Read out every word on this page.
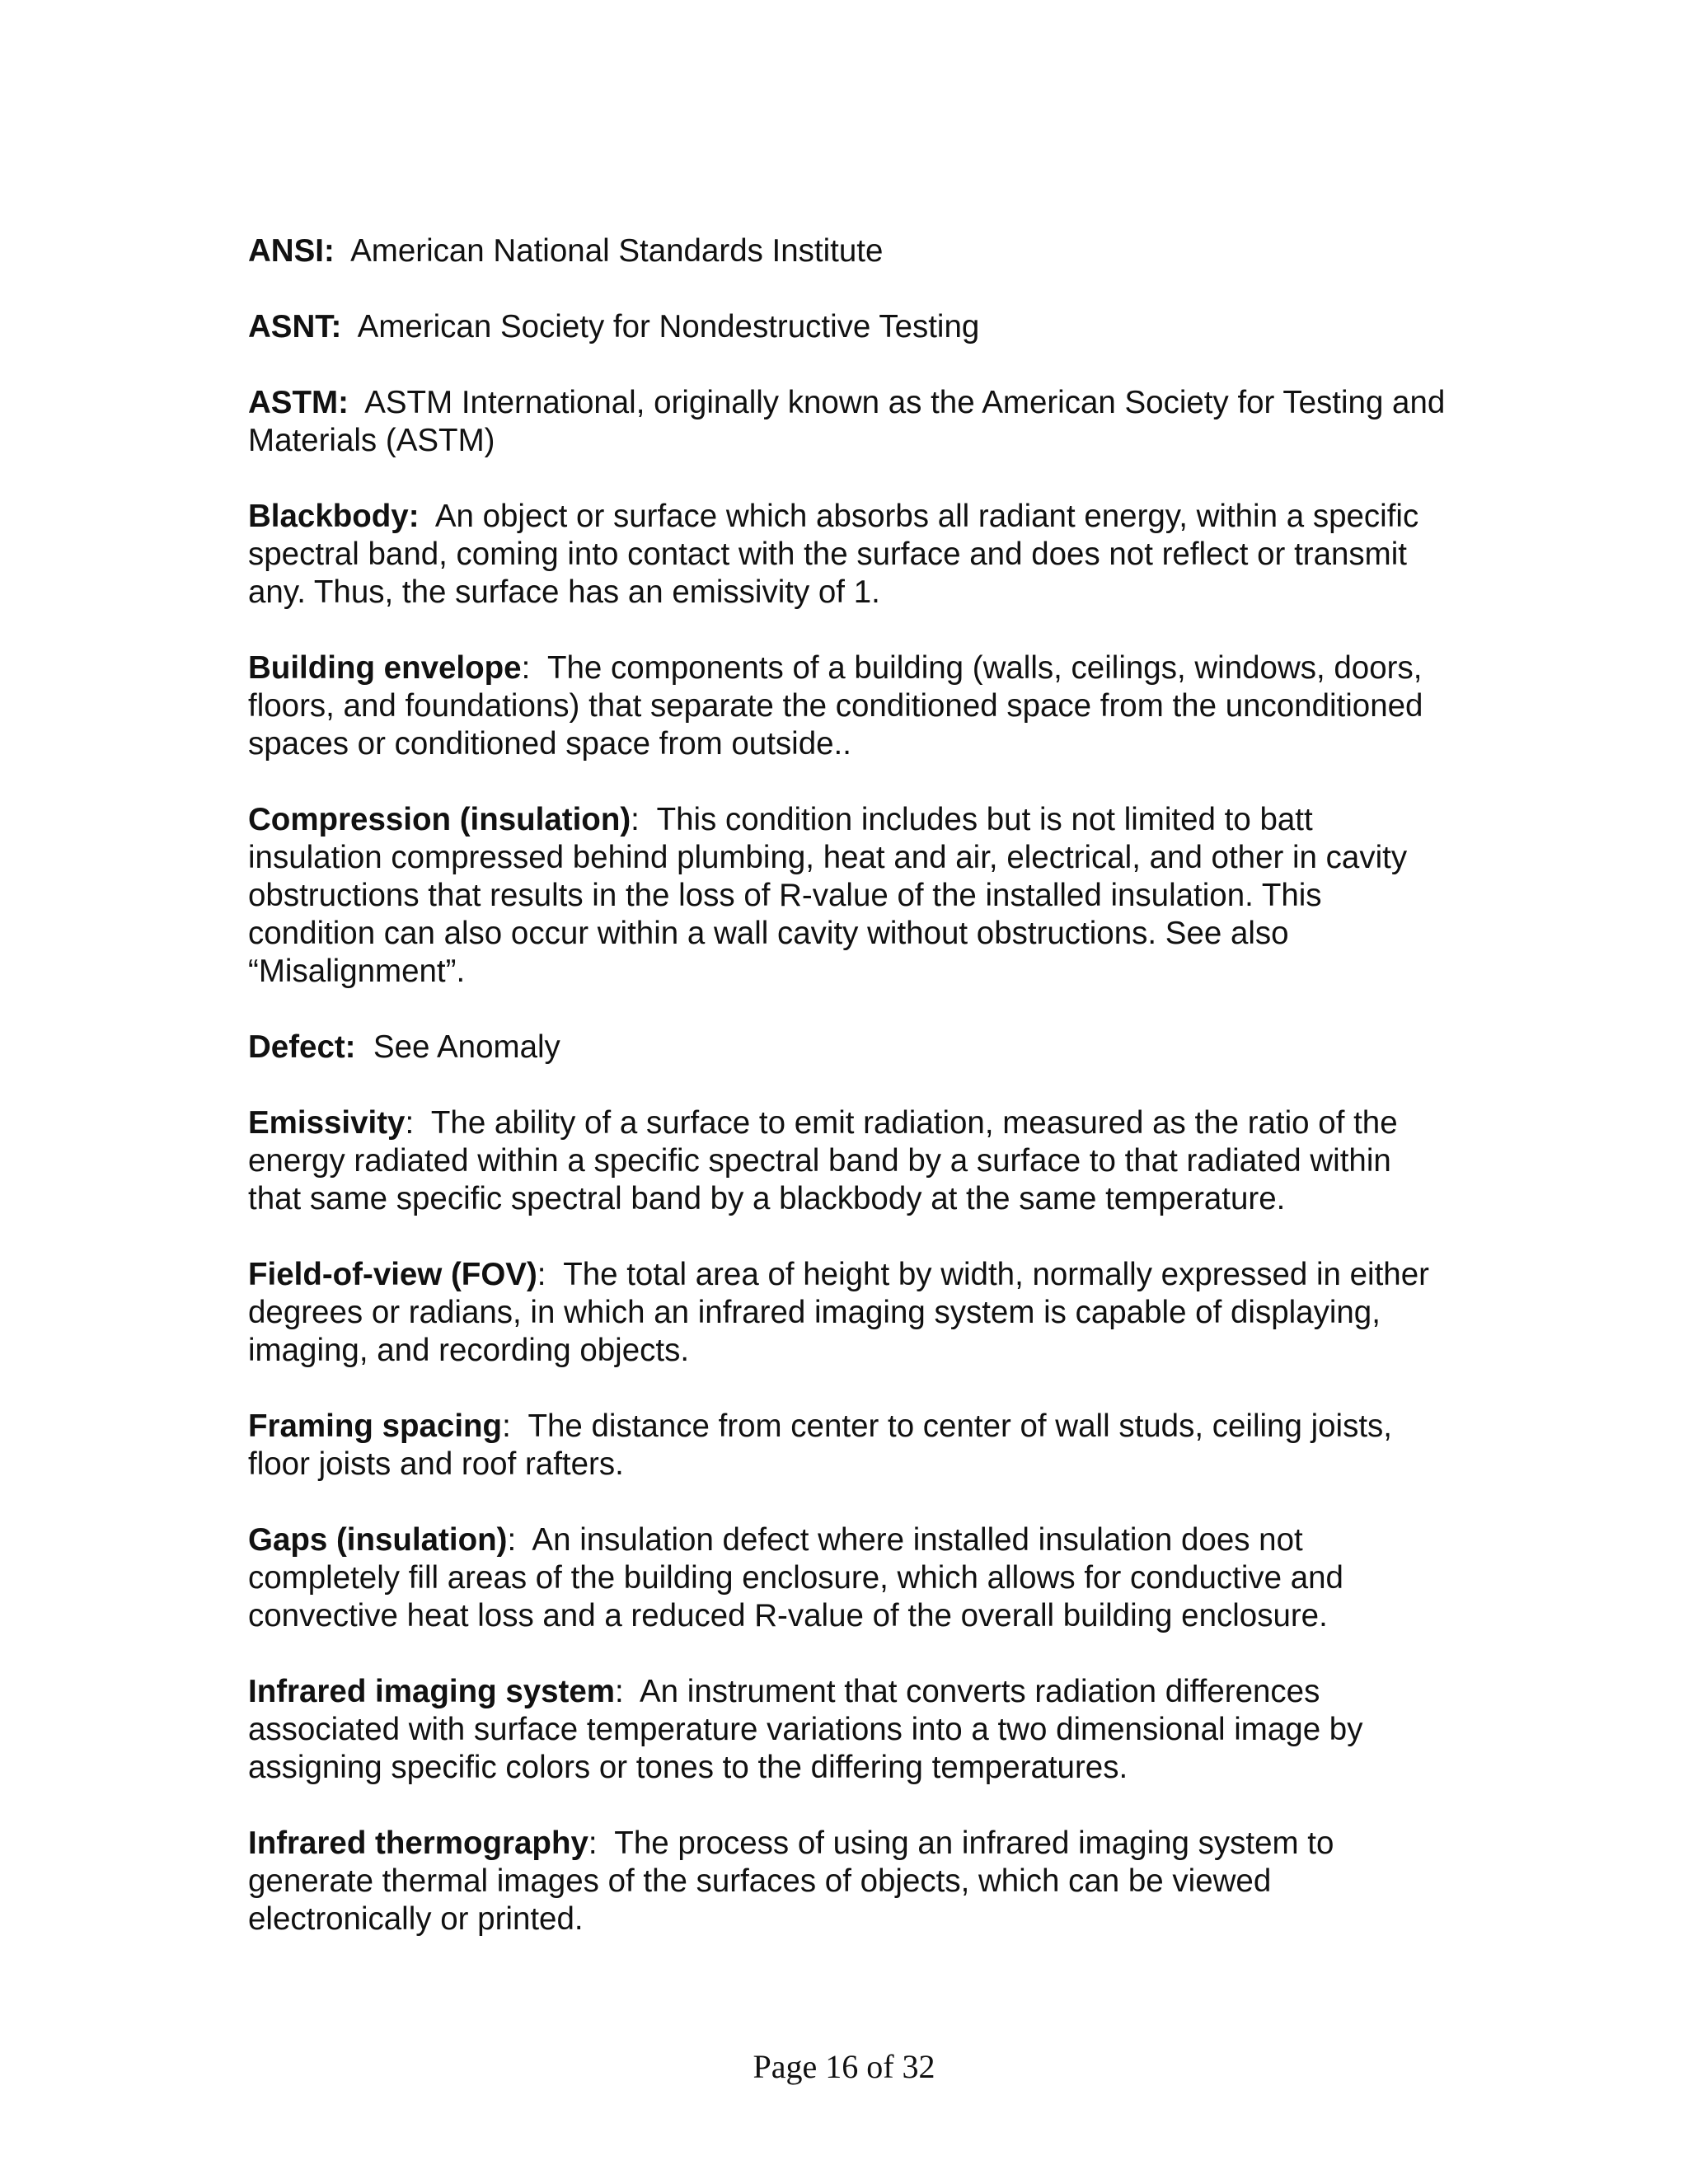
ANSI: American National Standards Institute
ASNT: American Society for Nondestructive Testing
ASTM: ASTM International, originally known as the American Society for Testing and Materials (ASTM)
Blackbody: An object or surface which absorbs all radiant energy, within a specific spectral band, coming into contact with the surface and does not reflect or transmit any. Thus, the surface has an emissivity of 1.
Building envelope:  The components of a building (walls, ceilings, windows, doors, floors, and foundations) that separate the conditioned space from the unconditioned spaces or conditioned space from outside..
Compression (insulation):  This condition includes but is not limited to batt insulation compressed behind plumbing, heat and air, electrical, and other in cavity obstructions that results in the loss of R-value of the installed insulation. This condition can also occur within a wall cavity without obstructions. See also “Misalignment”.
Defect: See Anomaly
Emissivity:  The ability of a surface to emit radiation, measured as the ratio of the energy radiated within a specific spectral band by a surface to that radiated within that same specific spectral band by a blackbody at the same temperature.
Field-of-view (FOV):  The total area of height by width, normally expressed in either degrees or radians, in which an infrared imaging system is capable of displaying, imaging, and recording objects.
Framing spacing:  The distance from center to center of wall studs, ceiling joists, floor joists and roof rafters.
Gaps (insulation):  An insulation defect where installed insulation does not completely fill areas of the building enclosure, which allows for conductive and convective heat loss and a reduced R-value of the overall building enclosure.
Infrared imaging system:  An instrument that converts radiation differences associated with surface temperature variations into a two dimensional image by assigning specific colors or tones to the differing temperatures.
Infrared thermography:  The process of using an infrared imaging system to generate thermal images of the surfaces of objects, which can be viewed electronically or printed.
Page 16 of 32
